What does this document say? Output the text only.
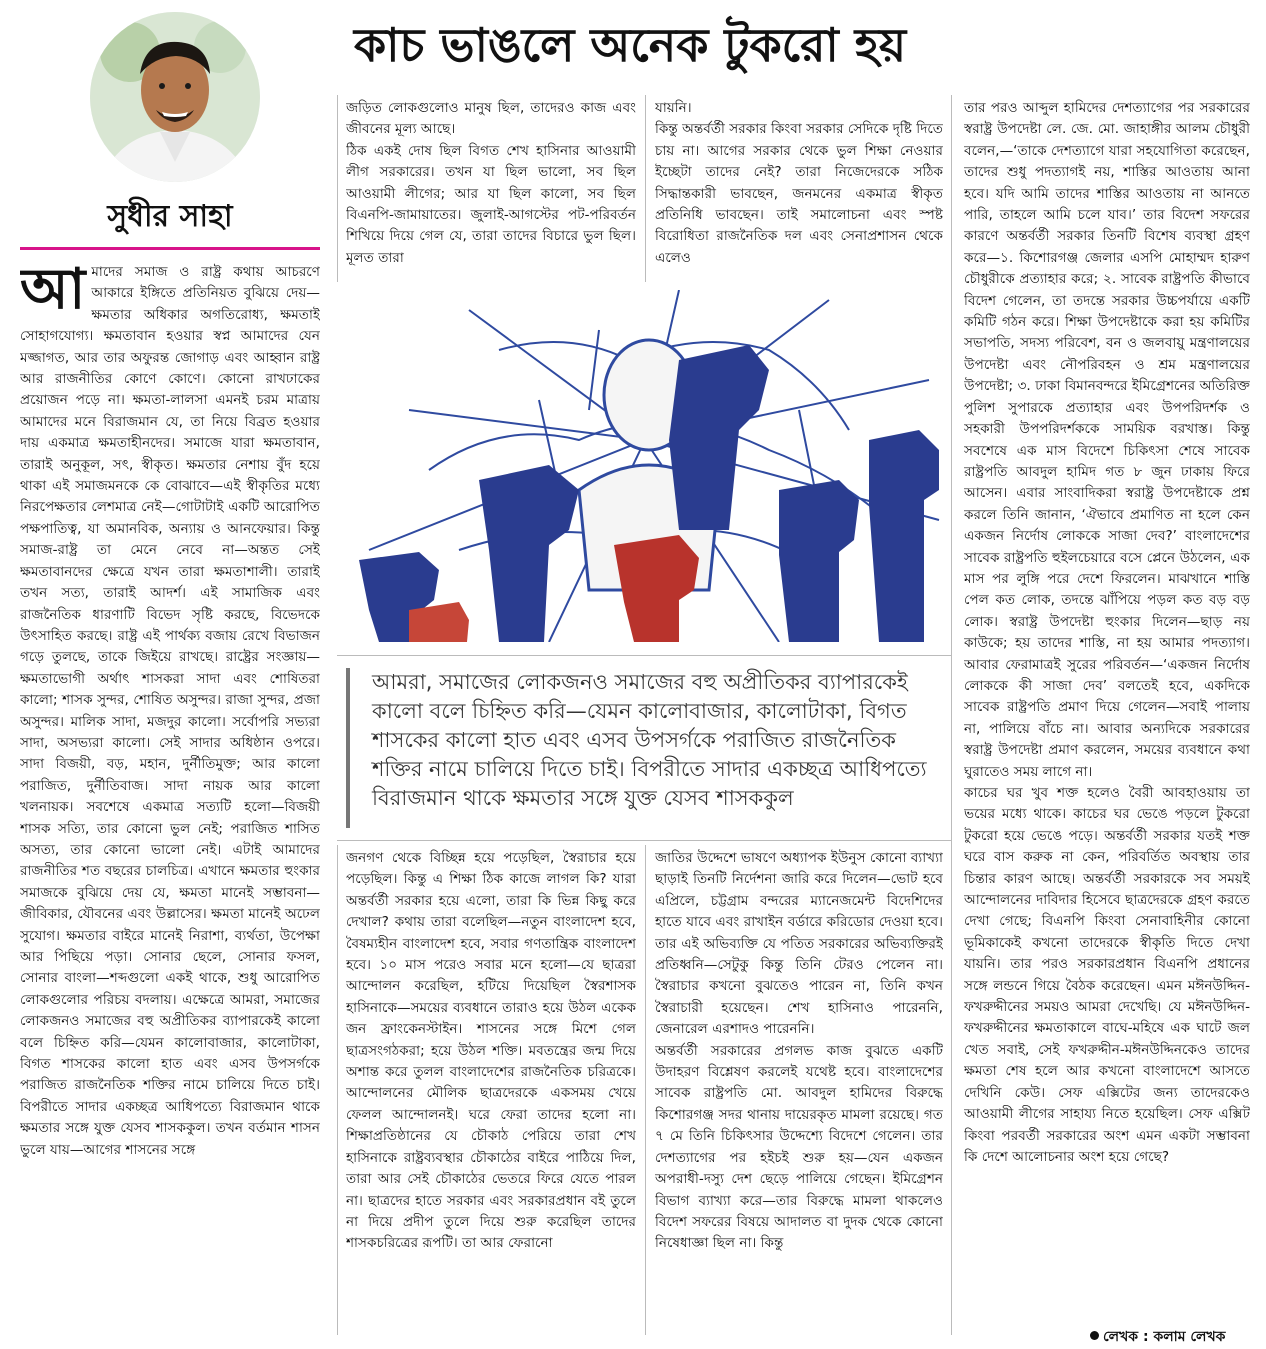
কাচ ভাঙলে অনেক টুকরো হয়
সুধীর সাহা
আমাদের সমাজ ও রাষ্ট্র কথায় আচরণে আকারে ইঙ্গিতে প্রতিনিয়ত বুঝিয়ে দেয়—ক্ষমতার অধিকার অগতিরোধ্য, ক্ষমতাই সোহাগযোগ্য। ক্ষমতাবান হওয়ার স্বপ্ন আমাদের যেন মজ্জাগত, আর তার অফুরন্ত জোগাড় এবং আহ্বান রাষ্ট্র আর রাজনীতির কোণে কোণে। কোনো রাখঢাকের প্রয়োজন পড়ে না। ক্ষমতা-লালসা এমনই চরম মাত্রায় আমাদের মনে বিরাজমান যে, তা নিয়ে বিব্রত হওয়ার দায় একমাত্র ক্ষমতাহীনদের। সমাজে যারা ক্ষমতাবান, তারাই অনুকূল, সৎ, স্বীকৃত। ক্ষমতার নেশায় বুঁদ হয়ে থাকা এই সমাজমনকে কে বোঝাবে—এই স্বীকৃতির মধ্যে নিরপেক্ষতার লেশমাত্র নেই—গোটাটাই একটি আরোপিত পক্ষপাতিত্ব, যা অমানবিক, অন্যায় ও আনফেয়ার। কিন্তু সমাজ-রাষ্ট্র তা মেনে নেবে না—অন্তত সেই ক্ষমতাবানদের ক্ষেত্রে যখন তারা ক্ষমতাশালী। তারাই তখন সত্য, তারাই আদর্শ। এই সামাজিক এবং রাজনৈতিক ধারণাটি বিভেদ সৃষ্টি করছে, বিভেদকে উৎসাহিত করছে। রাষ্ট্র এই পার্থক্য বজায় রেখে বিভাজন গড়ে তুলছে, তাকে জিইয়ে রাখছে। রাষ্ট্রের সংজ্ঞায়—ক্ষমতাভোগী অর্থাৎ শাসকরা সাদা এবং শোষিতরা কালো; শাসক সুন্দর, শোষিত অসুন্দর। রাজা সুন্দর, প্রজা অসুন্দর। মালিক সাদা, মজদুর কালো। সর্বোপরি সভ্যরা সাদা, অসভ্যরা কালো। সেই সাদার অধিষ্ঠান ওপরে। সাদা বিজয়ী, বড়, মহান, দুর্নীতিমুক্ত; আর কালো পরাজিত, দুর্নীতিবাজ। সাদা নায়ক আর কালো খলনায়ক। সবশেষে একমাত্র সত্যটি হলো—বিজয়ী শাসক সত্যি, তার কোনো ভুল নেই; পরাজিত শাসিত অসত্য, তার কোনো ভালো নেই। এটাই আমাদের রাজনীতির শত বছরের চালচিত্র। এখানে ক্ষমতার হুংকার সমাজকে বুঝিয়ে দেয় যে, ক্ষমতা মানেই সম্ভাবনা—জীবিকার, যৌবনের এবং উল্লাসের। ক্ষমতা মানেই অঢেল সুযোগ। ক্ষমতার বাইরে মানেই নিরাশা, ব্যর্থতা, উপেক্ষা আর পিছিয়ে পড়া। সোনার ছেলে, সোনার ফসল, সোনার বাংলা—শব্দগুলো একই থাকে, শুধু আরোপিত লোকগুলোর পরিচয় বদলায়। এক্ষেত্রে আমরা, সমাজের লোকজনও সমাজের বহু অপ্রীতিকর ব্যাপারকেই কালো বলে চিহ্নিত করি—যেমন কালোবাজার, কালোটাকা, বিগত শাসকের কালো হাত এবং এসব উপসর্গকে পরাজিত রাজনৈতিক শক্তির নামে চালিয়ে দিতে চাই। বিপরীতে সাদার একচ্ছত্র আধিপত্যে বিরাজমান থাকে ক্ষমতার সঙ্গে যুক্ত যেসব শাসককুল। তখন বর্তমান শাসন ভুলে যায়—আগের শাসনের সঙ্গে
জড়িত লোকগুলোও মানুষ ছিল, তাদেরও কাজ এবং জীবনের মূল্য আছে।
ঠিক একই দোষ ছিল বিগত শেখ হাসিনার আওয়ামী লীগ সরকারের। তখন যা ছিল ভালো, সব ছিল আওয়ামী লীগের; আর যা ছিল কালো, সব ছিল বিএনপি-জামায়াতের। জুলাই-আগস্টের পট-পরিবর্তন শিখিয়ে দিয়ে গেল যে, তারা তাদের বিচারে ভুল ছিল। মূলত তারা
যায়নি।
কিন্তু অন্তর্বর্তী সরকার কিংবা সরকার সেদিকে দৃষ্টি দিতে চায় না। আগের সরকার থেকে ভুল শিক্ষা নেওয়ার ইচ্ছেটা তাদের নেই? তারা নিজেদেরকে সঠিক সিদ্ধান্তকারী ভাবছেন, জনমনের একমাত্র স্বীকৃত প্রতিনিধি ভাবছেন। তাই সমালোচনা এবং স্পষ্ট বিরোধিতা রাজনৈতিক দল এবং সেনাপ্রশাসন থেকে এলেও
তার পরও আব্দুল হামিদের দেশত্যাগের পর সরকারের স্বরাষ্ট্র উপদেষ্টা লে. জে. মো. জাহাঙ্গীর আলম চৌধুরী বলেন,—‘তাকে দেশত্যাগে যারা সহযোগিতা করেছেন, তাদের শুধু পদত্যাগই নয়, শাস্তির আওতায় আনা হবে। যদি আমি তাদের শাস্তির আওতায় না আনতে পারি, তাহলে আমি চলে যাব।’ তার বিদেশ সফরের কারণে অন্তর্বর্তী সরকার তিনটি বিশেষ ব্যবস্থা গ্রহণ করে—১. কিশোরগঞ্জ জেলার এসপি মোহাম্মদ হারুণ চৌধুরীকে প্রত্যাহার করে; ২. সাবেক রাষ্ট্রপতি কীভাবে বিদেশ গেলেন, তা তদন্তে সরকার উচ্চপর্যায়ে একটি কমিটি গঠন করে। শিক্ষা উপদেষ্টাকে করা হয় কমিটির সভাপতি, সদস্য পরিবেশ, বন ও জলবায়ু মন্ত্রণালয়ের উপদেষ্টা এবং নৌপরিবহন ও শ্রম মন্ত্রণালয়ের উপদেষ্টা; ৩. ঢাকা বিমানবন্দরে ইমিগ্রেশনের অতিরিক্ত পুলিশ সুপারকে প্রত্যাহার এবং উপপরিদর্শক ও সহকারী উপপরিদর্শককে সাময়িক বরখাস্ত। কিন্তু সবশেষে এক মাস বিদেশে চিকিৎসা শেষে সাবেক রাষ্ট্রপতি আবদুল হামিদ গত ৮ জুন ঢাকায় ফিরে আসেন। এবার সাংবাদিকরা স্বরাষ্ট্র উপদেষ্টাকে প্রশ্ন করলে তিনি জানান, ‘ঐভাবে প্রমাণিত না হলে কেন একজন নির্দোষ লোককে সাজা দেব?’ বাংলাদেশের সাবেক রাষ্ট্রপতি হুইলচেয়ারে বসে প্লেনে উঠলেন, এক মাস পর লুঙ্গি পরে দেশে ফিরলেন। মাঝখানে শাস্তি পেল কত লোক, তদন্তে ঝাঁপিয়ে পড়ল কত বড় বড় লোক। স্বরাষ্ট্র উপদেষ্টা হুংকার দিলেন—ছাড় নয় কাউকে; হয় তাদের শাস্তি, না হয় আমার পদত্যাগ। আবার ফেরামাত্রই সুরের পরিবর্তন—‘একজন নির্দোষ লোককে কী সাজা দেব’ বলতেই হবে, একদিকে সাবেক রাষ্ট্রপতি প্রমাণ দিয়ে গেলেন—সবাই পালায় না, পালিয়ে বাঁচে না। আবার অন্যদিকে সরকারের স্বরাষ্ট্র উপদেষ্টা প্রমাণ করলেন, সময়ের ব্যবধানে কথা ঘুরাতেও সময় লাগে না।
কাচের ঘর খুব শক্ত হলেও বৈরী আবহাওয়ায় তা ভয়ের মধ্যে থাকে। কাচের ঘর ভেঙে পড়লে টুকরো টুকরো হয়ে ভেঙে পড়ে। অন্তর্বর্তী সরকার যতই শক্ত ঘরে বাস করুক না কেন, পরিবর্তিত অবস্থায় তার চিন্তার কারণ আছে। অন্তর্বর্তী সরকারকে সব সময়ই আন্দোলনের দাবিদার হিসেবে ছাত্রদেরকে গ্রহণ করতে দেখা গেছে; বিএনপি কিংবা সেনাবাহিনীর কোনো ভূমিকাকেই কখনো তাদেরকে স্বীকৃতি দিতে দেখা যায়নি। তার পরও সরকারপ্রধান বিএনপি প্রধানের সঙ্গে লন্ডনে গিয়ে বৈঠক করেছেন। এমন মঈনউদ্দিন-ফখরুদ্দীনের সময়ও আমরা দেখেছি। যে মঈনউদ্দিন-ফখরুদ্দীনের ক্ষমতাকালে বাঘে-মহিষে এক ঘাটে জল খেত সবাই, সেই ফখরুদ্দীন-মঈনউদ্দিনকেও তাদের ক্ষমতা শেষ হলে আর কখনো বাংলাদেশে আসতে দেখিনি কেউ। সেফ এক্সিটের জন্য তাদেরকেও আওয়ামী লীগের সাহায্য নিতে হয়েছিল। সেফ এক্সিট কিংবা পরবর্তী সরকারের অংশ এমন একটা সম্ভাবনা কি দেশে আলোচনার অংশ হয়ে গেছে?
আমরা, সমাজের লোকজনও সমাজের বহু অপ্রীতিকর ব্যাপারকেই কালো বলে চিহ্নিত করি—যেমন কালোবাজার, কালোটাকা, বিগত শাসকের কালো হাত এবং এসব উপসর্গকে পরাজিত রাজনৈতিক শক্তির নামে চালিয়ে দিতে চাই। বিপরীতে সাদার একচ্ছত্র আধিপত্যে বিরাজমান থাকে ক্ষমতার সঙ্গে যুক্ত যেসব শাসককুল
জনগণ থেকে বিচ্ছিন্ন হয়ে পড়েছিল, স্বৈরাচার হয়ে পড়েছিল। কিন্তু এ শিক্ষা ঠিক কাজে লাগল কি? যারা অন্তর্বর্তী সরকার হয়ে এলো, তারা কি ভিন্ন কিছু করে দেখাল? কথায় তারা বলেছিল—নতুন বাংলাদেশ হবে, বৈষম্যহীন বাংলাদেশ হবে, সবার গণতান্ত্রিক বাংলাদেশ হবে। ১০ মাস পরেও সবার মনে হলো—যে ছাত্ররা আন্দোলন করেছিল, হটিয়ে দিয়েছিল স্বৈরশাসক হাসিনাকে—সময়ের ব্যবধানে তারাও হয়ে উঠল একেক জন ফ্রাংকেনস্টাইন। শাসনের সঙ্গে মিশে গেল ছাত্রসংগঠকরা; হয়ে উঠল শক্তি। মবতন্ত্রের জন্ম দিয়ে অশান্ত করে তুলল বাংলাদেশের রাজনৈতিক চরিত্রকে। আন্দোলনের মৌলিক ছাত্রদেরকে একসময় খেয়ে ফেলল আন্দোলনই। ঘরে ফেরা তাদের হলো না। শিক্ষাপ্রতিষ্ঠানের যে চৌকাঠ পেরিয়ে তারা শেখ হাসিনাকে রাষ্ট্রব্যবস্থার চৌকাঠের বাইরে পাঠিয়ে দিল, তারা আর সেই চৌকাঠের ভেতরে ফিরে যেতে পারল না। ছাত্রদের হাতে সরকার এবং সরকারপ্রধান বই তুলে না দিয়ে প্রদীপ তুলে দিয়ে শুরু করেছিল তাদের শাসকচরিত্রের রূপটি। তা আর ফেরানো
জাতির উদ্দেশে ভাষণে অধ্যাপক ইউনুস কোনো ব্যাখ্যা ছাড়াই তিনটি নির্দেশনা জারি করে দিলেন—ভোট হবে এপ্রিলে, চট্টগ্রাম বন্দরের ম্যানেজমেন্ট বিদেশিদের হাতে যাবে এবং রাখাইন বর্ডারে করিডোর দেওয়া হবে। তার এই অভিব্যক্তি যে পতিত সরকারের অভিব্যক্তিরই প্রতিধ্বনি—সেটুকু কিন্তু তিনি টেরও পেলেন না। স্বৈরাচার কখনো বুঝতেও পারেন না, তিনি কখন স্বৈরাচারী হয়েছেন। শেখ হাসিনাও পারেননি, জেনারেল এরশাদও পারেননি।
অন্তর্বর্তী সরকারের প্রগলভ কাজ বুঝতে একটি উদাহরণ বিশ্লেষণ করলেই যথেষ্ট হবে। বাংলাদেশের সাবেক রাষ্ট্রপতি মো. আবদুল হামিদের বিরুদ্ধে কিশোরগঞ্জ সদর থানায় দায়েরকৃত মামলা রয়েছে। গত ৭ মে তিনি চিকিৎসার উদ্দেশ্যে বিদেশে গেলেন। তার দেশত্যাগের পর হইচই শুরু হয়—যেন একজন অপরাধী-দস্যু দেশ ছেড়ে পালিয়ে গেছেন। ইমিগ্রেশন বিভাগ ব্যাখ্যা করে—তার বিরুদ্ধে মামলা থাকলেও বিদেশ সফরের বিষয়ে আদালত বা দুদক থেকে কোনো নিষেধাজ্ঞা ছিল না। কিন্তু
লেখক : কলাম লেখক
